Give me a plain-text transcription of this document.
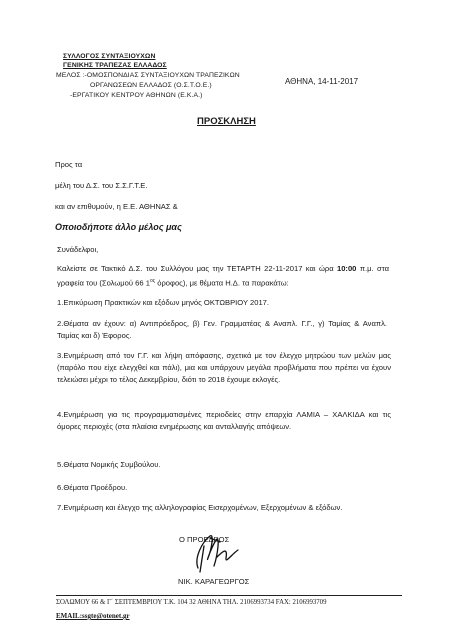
ΣΥΛΛΟΓΟΣ ΣΥΝΤΑΞΙΟΥΧΩΝ
ΓΕΝΙΚΗΣ ΤΡΑΠΕΖΑΣ ΕΛΛΑΔΟΣ
ΜΕΛΟΣ :-ΟΜΟΣΠΟΝΔΙΑΣ ΣΥΝΤΑΞΙΟΥΧΩΝ ΤΡΑΠΕΖΙΚΩΝ
ΟΡΓΑΝΩΣΕΩΝ ΕΛΛΑΔΟΣ (Ο.Σ.Τ.Ο.Ε.)
-ΕΡΓΑΤΙΚΟΥ ΚΕΝΤΡΟΥ ΑΘΗΝΩΝ (Ε.Κ.Α.)
ΑΘΗΝΑ, 14-11-2017
ΠΡΟΣΚΛΗΣΗ
Προς τα
μέλη του Δ.Σ. του Σ.Σ.Γ.Τ.Ε.
και αν επιθυμούν, η Ε.Ε. ΑΘΗΝΑΣ &
Οποιοδήποτε άλλο μέλος μας
Συνάδελφοι,
Καλείστε σε Τακτικό Δ.Σ. του Συλλόγου μας την ΤΕΤΑΡΤΗ 22-11-2017 και ώρα 10:00 π.μ. στα γραφεία του (Σολωμού 66 $1^{o\varsigma}$ όροφος), με θέματα Η.Δ. τα παρακάτω:
1.Επικύρωση Πρακτικών και εξόδων μηνός ΟΚΤΩΒΡΙΟΥ 2017.
2.Θέματα αν έχουν: α) Αντιπρόεδρος, β) Γεν. Γραμματέας & Αναπλ. Γ.Γ., γ) Ταμίας & Αναπλ. Ταμίας και δ) Έφορος.
3.Ενημέρωση από τον Γ.Γ. και λήψη απόφασης, σχετικά με τον έλεγχο μητρώου των μελών μας (παρόλο που είχε ελεγχθεί και πάλι), μια και υπάρχουν μεγάλα προβλήματα που πρέπει να έχουν τελειώσει μέχρι το τέλος Δεκεμβρίου, διότι το 2018 έχουμε εκλογές.
4.Ενημέρωση για τις προγραμματισμένες περιοδείες στην επαρχία ΛΑΜΙΑ – ΧΑΛΚΙΔΑ και τις όμορες περιοχές (στα πλαίσια ενημέρωσης και ανταλλαγής απόψεων.
5.Θέματα Νομικής Συμβούλου.
6.Θέματα Προέδρου.
7.Ενημέρωση και έλεγχο της αλληλογραφίας Εισερχομένων, Εξερχομένων & εξόδων.
Ο ΠΡΟΕΔΡΟΣ
ΝΙΚ. ΚΑΡΑΓΕΩΡΓΟΣ
ΣΟΛΩΜΟΥ 66 & Γ΄ ΣΕΠΤΕΜΒΡΙΟΥ Τ.Κ. 104 32 ΑΘΗΝΑ ΤΗΛ. 2106993734 FAX: 2106993709
EMAIL:ssgte@otenet.gr
